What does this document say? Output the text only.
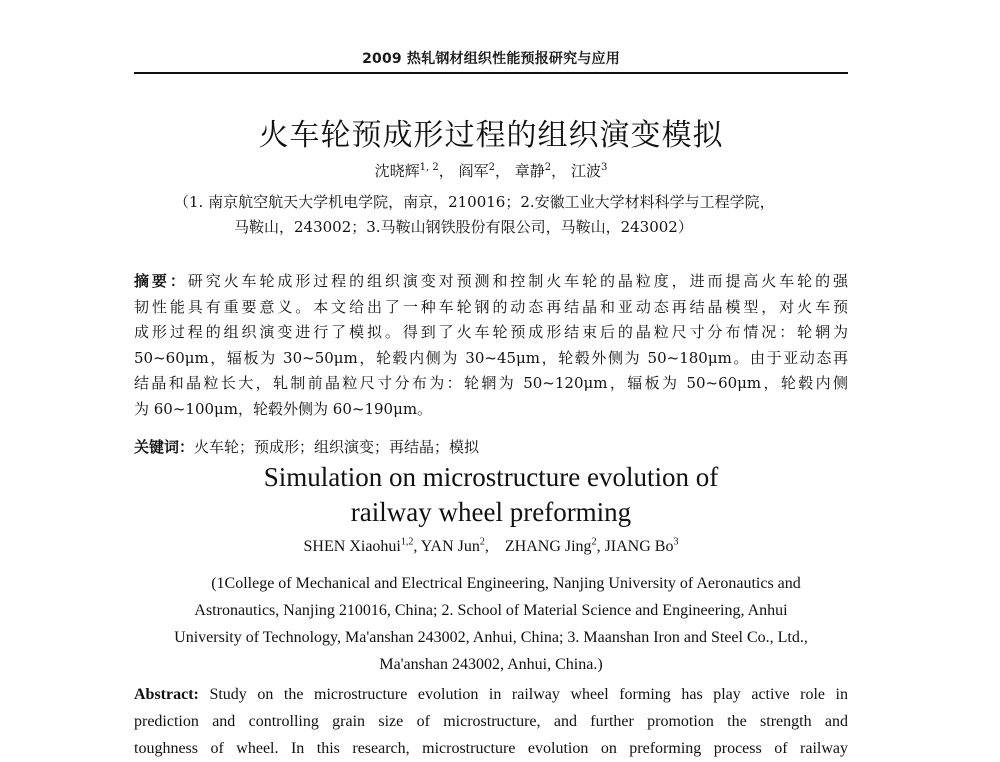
2009 热轧钢材组织性能预报研究与应用
火车轮预成形过程的组织演变模拟
沈晓辉$^{1, 2}$， 阎军$^2$， 章静$^2$， 江波$^3$
（1. 南京航空航天大学机电学院，南京，210016；2.安徽工业大学材料科学与工程学院，
马鞍山，243002；3.马鞍山钢铁股份有限公司，马鞍山，243002）
摘要：研究火车轮成形过程的组织演变对预测和控制火车轮的晶粒度，进而提高火车轮的强
韧性能具有重要意义。本文给出了一种车轮钢的动态再结晶和亚动态再结晶模型，对火车预
成形过程的组织演变进行了模拟。得到了火车轮预成形结束后的晶粒尺寸分布情况：轮辋为
50~60μm，辐板为 30~50μm，轮毂内侧为 30~45μm，轮毂外侧为 50~180μm。由于亚动态再
结晶和晶粒长大，轧制前晶粒尺寸分布为：轮辋为 50~120μm，辐板为 50~60μm，轮毂内侧
为 60~100μm，轮毂外侧为 60~190μm。
关键词：火车轮；预成形；组织演变；再结晶；模拟
Simulation on microstructure evolution of
railway wheel preforming
SHEN Xiaohui$^{1,2}$, YAN Jun$^2$,    ZHANG Jing$^2$, JIANG Bo$^3$
(1College of Mechanical and Electrical Engineering, Nanjing University of Aeronautics and
Astronautics, Nanjing 210016, China; 2. School of Material Science and Engineering, Anhui
University of Technology, Ma'anshan 243002, Anhui, China; 3. Maanshan Iron and Steel Co., Ltd.,
Ma'anshan 243002, Anhui, China.)
Abstract: Study on the microstructure evolution in railway wheel forming has play active role in
prediction and controlling grain size of microstructure, and further promotion the strength and
toughness of wheel. In this research, microstructure evolution on preforming process of railway
